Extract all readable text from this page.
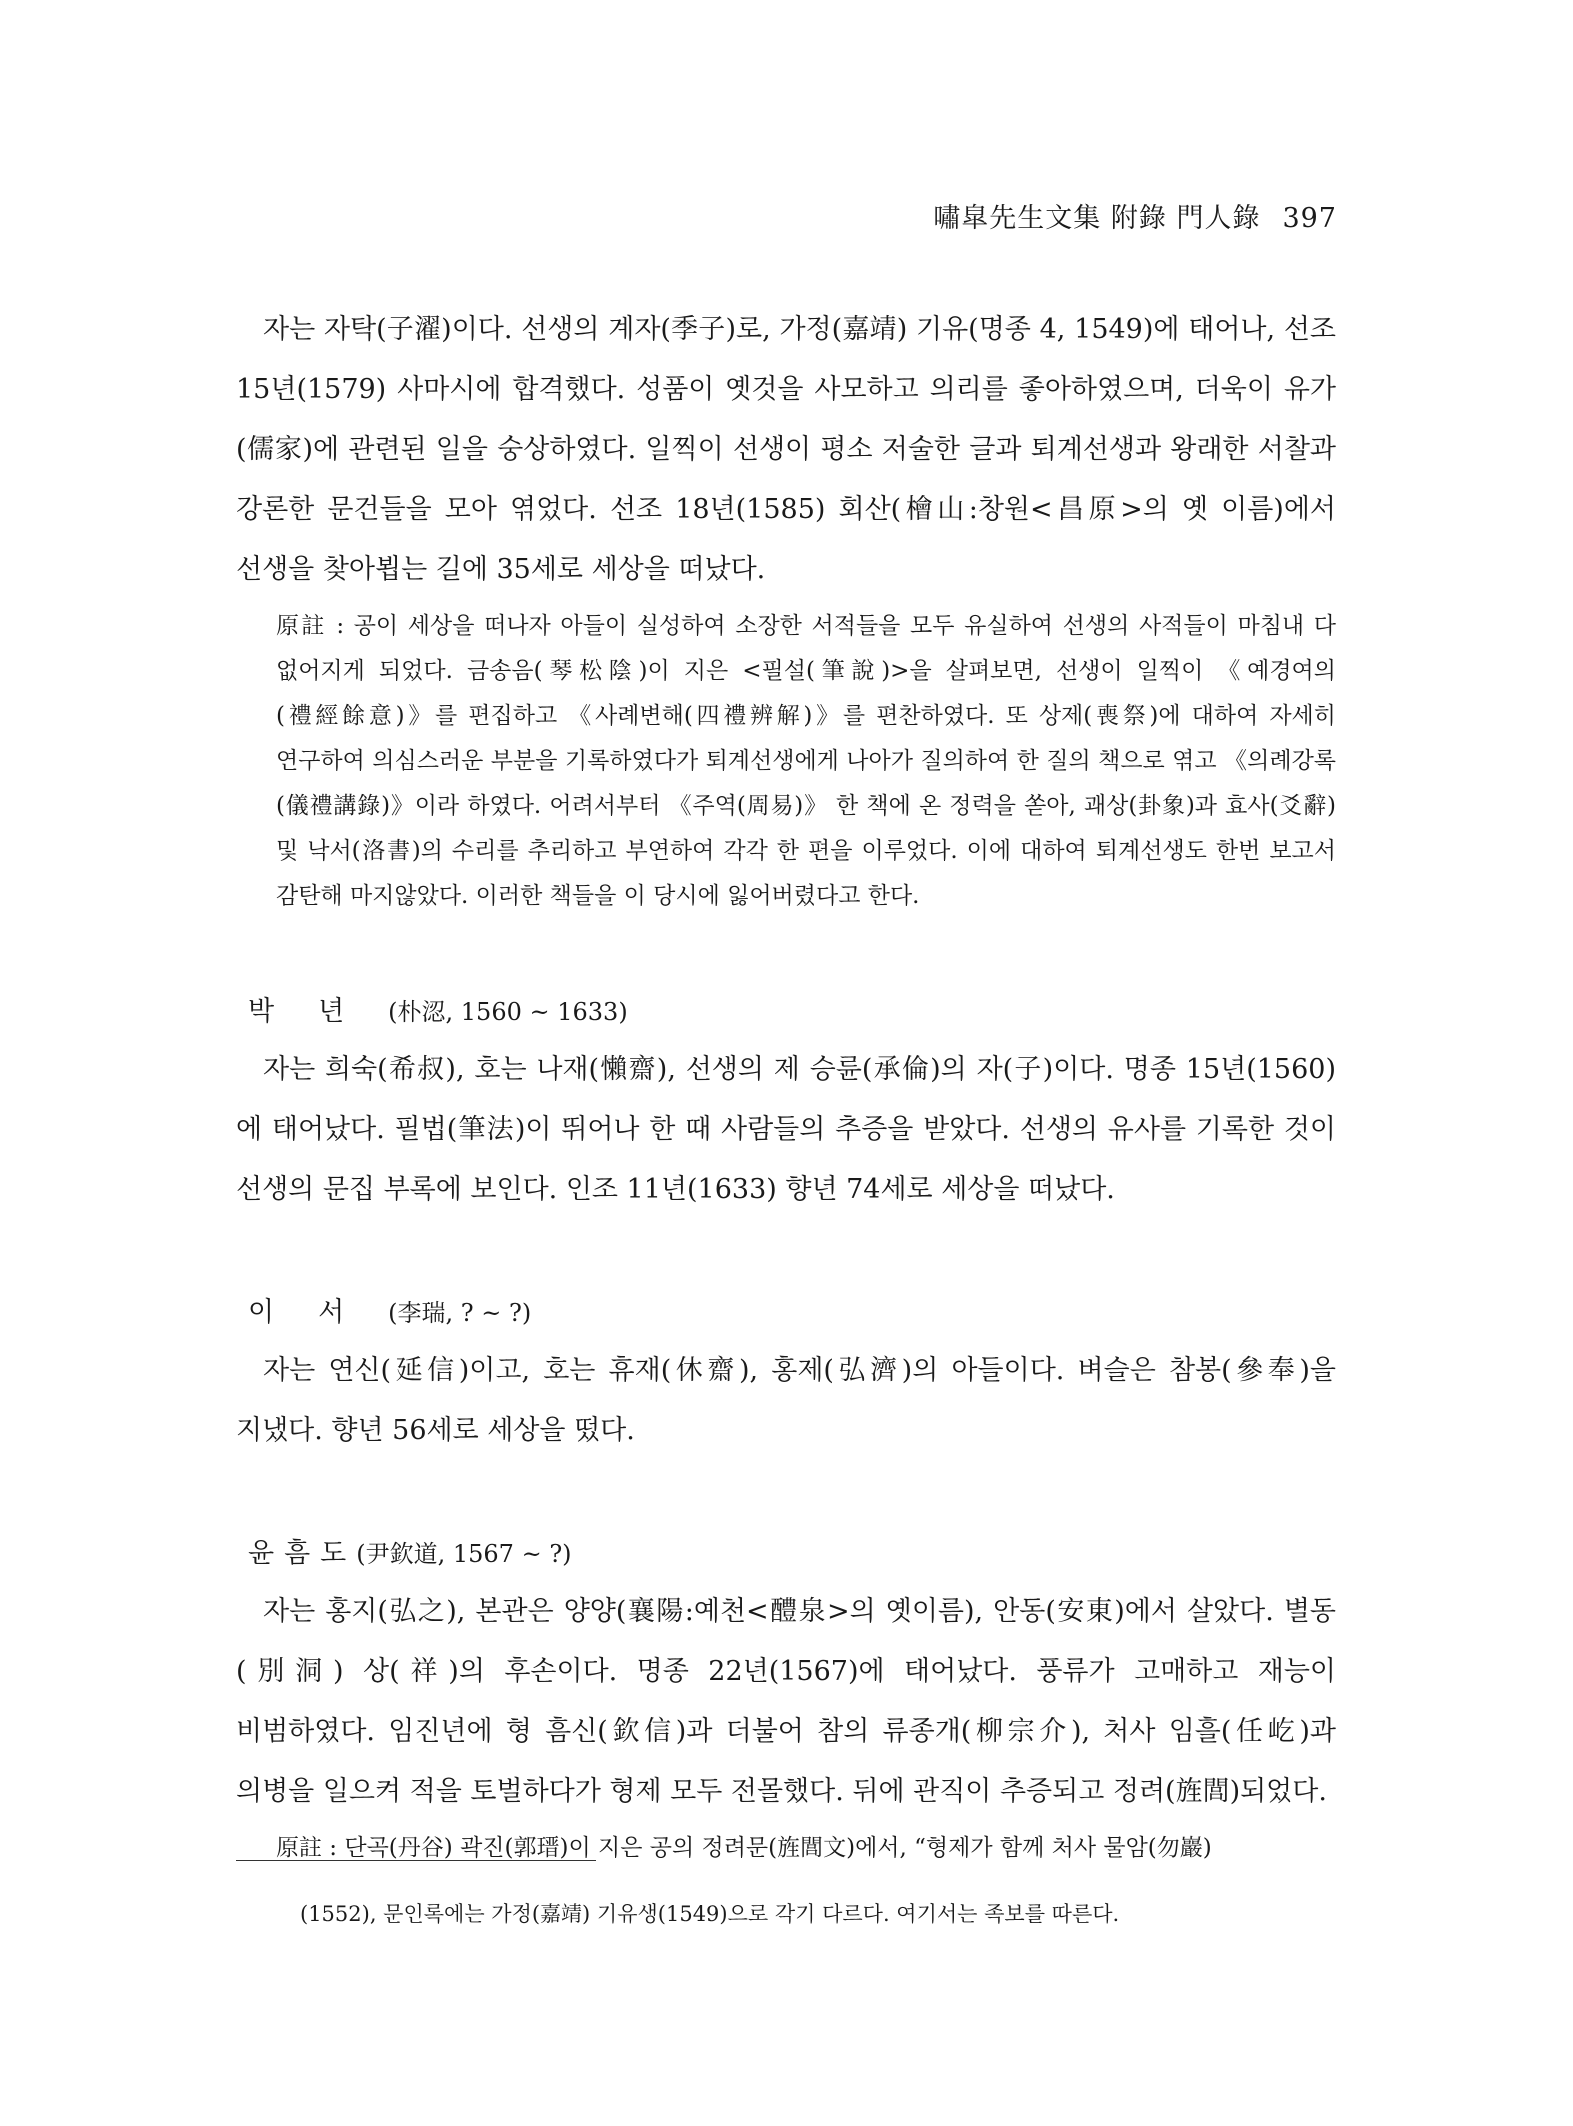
嘯皐先生文集 附錄 門人錄 397

자는 자탁(子濯)이다. 선생의 계자(季子)로, 가정(嘉靖) 기유(명종 4, 1549)에 태어나, 선조 15년(1579) 사마시에 합격했다. 성품이 옛것을 사모하고 의리를 좋아하였으며, 더욱이 유가(儒家)에 관련된 일을 숭상하였다. 일찍이 선생이 평소 저술한 글과 퇴계선생과 왕래한 서찰과 강론한 문건들을 모아 엮었다. 선조 18년(1585) 회산(檜山:창원<昌原>의 옛 이름)에서 선생을 찾아뵙는 길에 35세로 세상을 떠났다.

原註 : 공이 세상을 떠나자 아들이 실성하여 소장한 서적들을 모두 유실하여 선생의 사적들이 마침내 다 없어지게 되었다. 금송음(琴松陰)이 지은 <필설(筆說)>을 살펴보면, 선생이 일찍이 《예경여의(禮經餘意)》를 편집하고 《사례변해(四禮辨解)》를 편찬하였다. 또 상제(喪祭)에 대하여 자세히 연구하여 의심스러운 부분을 기록하였다가 퇴계선생에게 나아가 질의하여 한 질의 책으로 엮고 《의례강록(儀禮講錄)》이라 하였다. 어려서부터 《주역(周易)》 한 책에 온 정력을 쏟아, 괘상(卦象)과 효사(爻辭) 및 낙서(洛書)의 수리를 추리하고 부연하여 각각 한 편을 이루었다. 이에 대하여 퇴계선생도 한번 보고서 감탄해 마지않았다. 이러한 책들을 이 당시에 잃어버렸다고 한다.

박년(朴涊, 1560 ~ 1633)

자는 희숙(希叔), 호는 나재(懶齋), 선생의 제 승륜(承倫)의 자(子)이다. 명종 15년(1560)에 태어났다. 필법(筆法)이 뛰어나 한 때 사람들의 추증을 받았다. 선생의 유사를 기록한 것이 선생의 문집 부록에 보인다. 인조 11년(1633) 향년 74세로 세상을 떠났다.

이서(李瑞, ? ~ ?)

자는 연신(延信)이고, 호는 휴재(休齋), 홍제(弘濟)의 아들이다. 벼슬은 참봉(參奉)을 지냈다. 향년 56세로 세상을 떴다.

윤흠도(尹欽道, 1567 ~ ?)

자는 홍지(弘之), 본관은 양양(襄陽:예천<醴泉>의 옛이름), 안동(安東)에서 살았다. 별동(別洞) 상(祥)의 후손이다. 명종 22년(1567)에 태어났다. 풍류가 고매하고 재능이 비범하였다. 임진년에 형 흠신(欽信)과 더불어 참의 류종개(柳宗介), 처사 임흘(任屹)과 의병을 일으켜 적을 토벌하다가 형제 모두 전몰했다. 뒤에 관직이 추증되고 정려(旌閭)되었다.

原註 : 단곡(丹谷) 곽진(郭瑨)이 지은 공의 정려문(旌閭文)에서, “형제가 함께 처사 물암(勿巖)

(1552), 문인록에는 가정(嘉靖) 기유생(1549)으로 각기 다르다. 여기서는 족보를 따른다.
